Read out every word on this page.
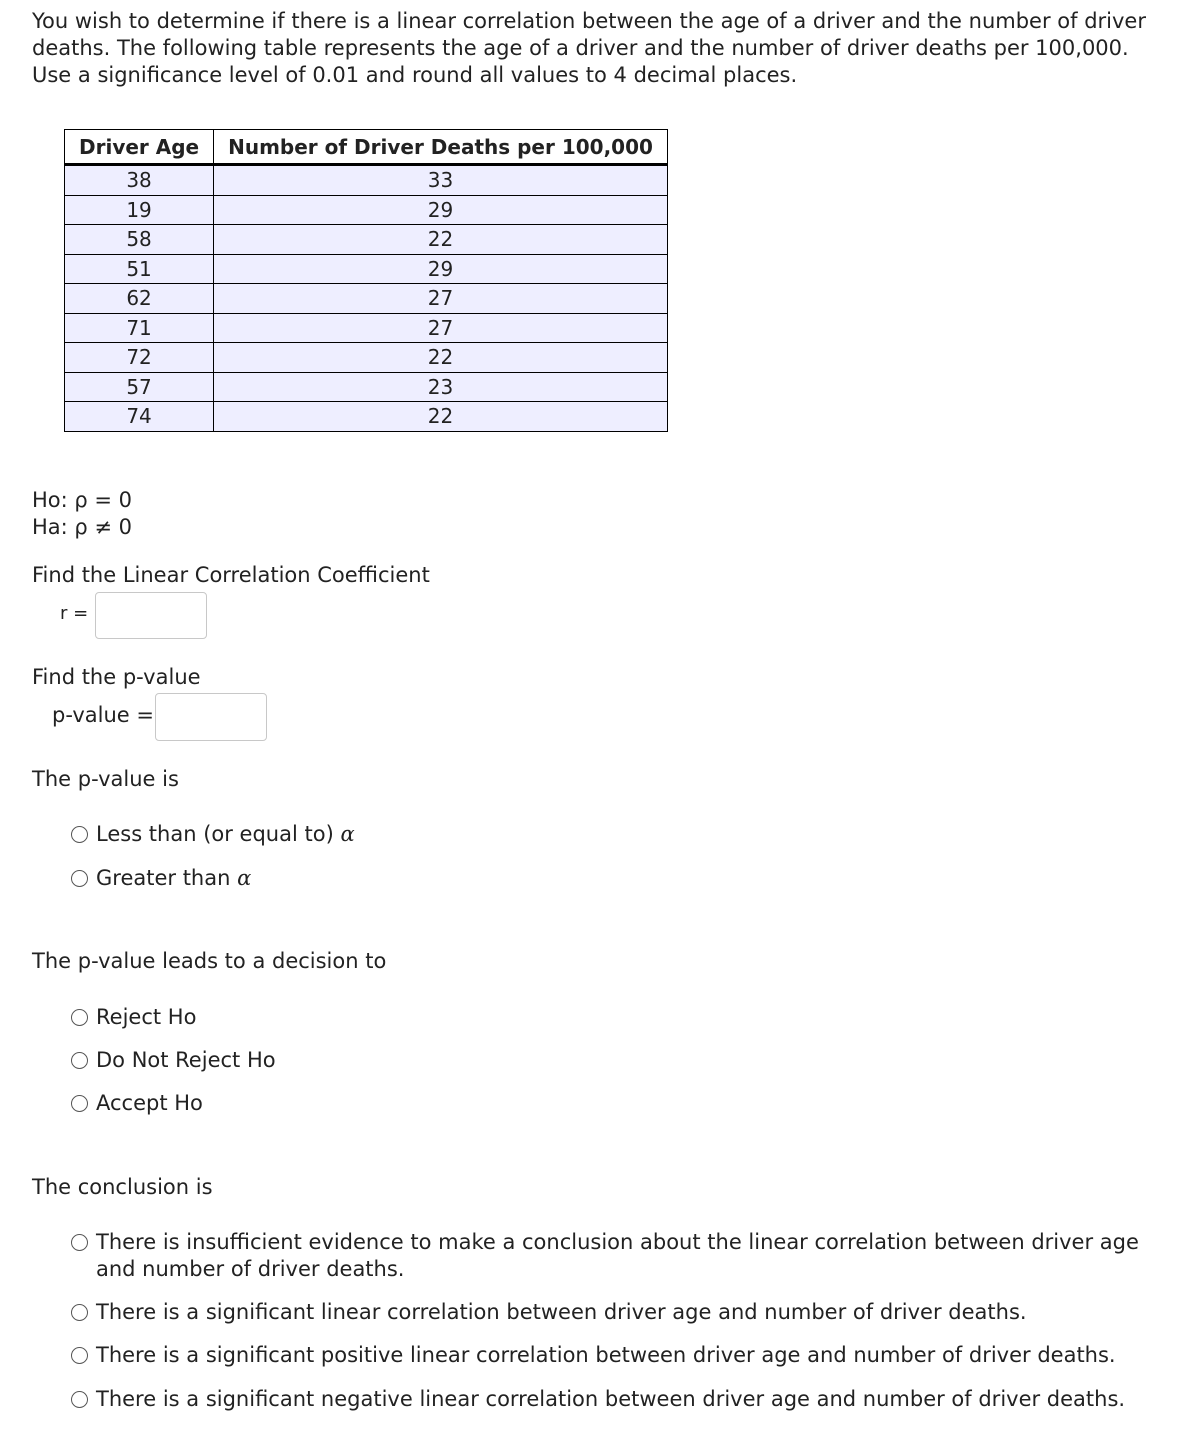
You wish to determine if there is a linear correlation between the age of a driver and the number of driver deaths. The following table represents the age of a driver and the number of driver deaths per 100,000. Use a significance level of 0.01 and round all values to 4 decimal places.
Driver Age	Number of Driver Deaths per 100,000
38	33
19	29
58	22
51	29
62	27
71	27
72	22
57	23
74	22
Ho: ρ = 0
Ha: ρ ≠ 0
Find the Linear Correlation Coefficient
r =
Find the p-value
p-value =
The p-value is
Less than (or equal to) α
Greater than α
The p-value leads to a decision to
Reject Ho
Do Not Reject Ho
Accept Ho
The conclusion is
There is insufficient evidence to make a conclusion about the linear correlation between driver age and number of driver deaths.
There is a significant linear correlation between driver age and number of driver deaths.
There is a significant positive linear correlation between driver age and number of driver deaths.
There is a significant negative linear correlation between driver age and number of driver deaths.
